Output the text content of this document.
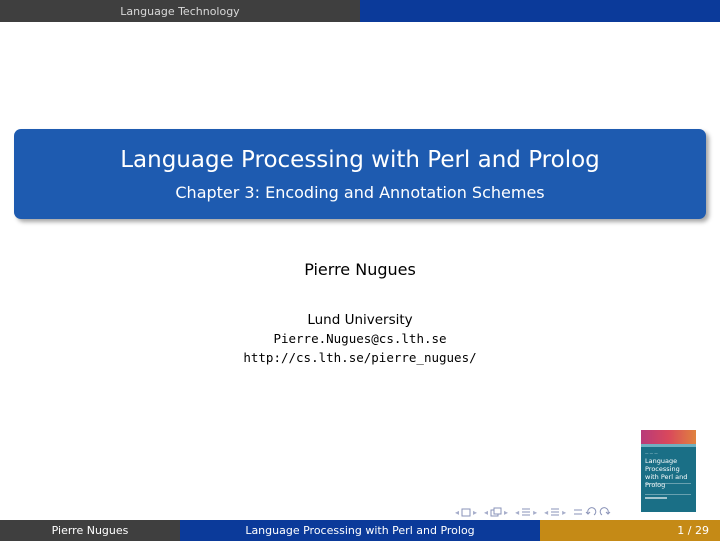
Language Technology
Language Processing with Perl and Prolog
Chapter 3: Encoding and Annotation Schemes
Pierre Nugues
Lund University
Pierre.Nugues@cs.lth.se
http://cs.lth.se/pierre_nugues/
— — —
Language Processing with Perl and Prolog
◂ ▸ ◂ ▸ ◂ ▸ ◂ ▸
Pierre Nugues	Language Processing with Perl and Prolog	1 / 29
